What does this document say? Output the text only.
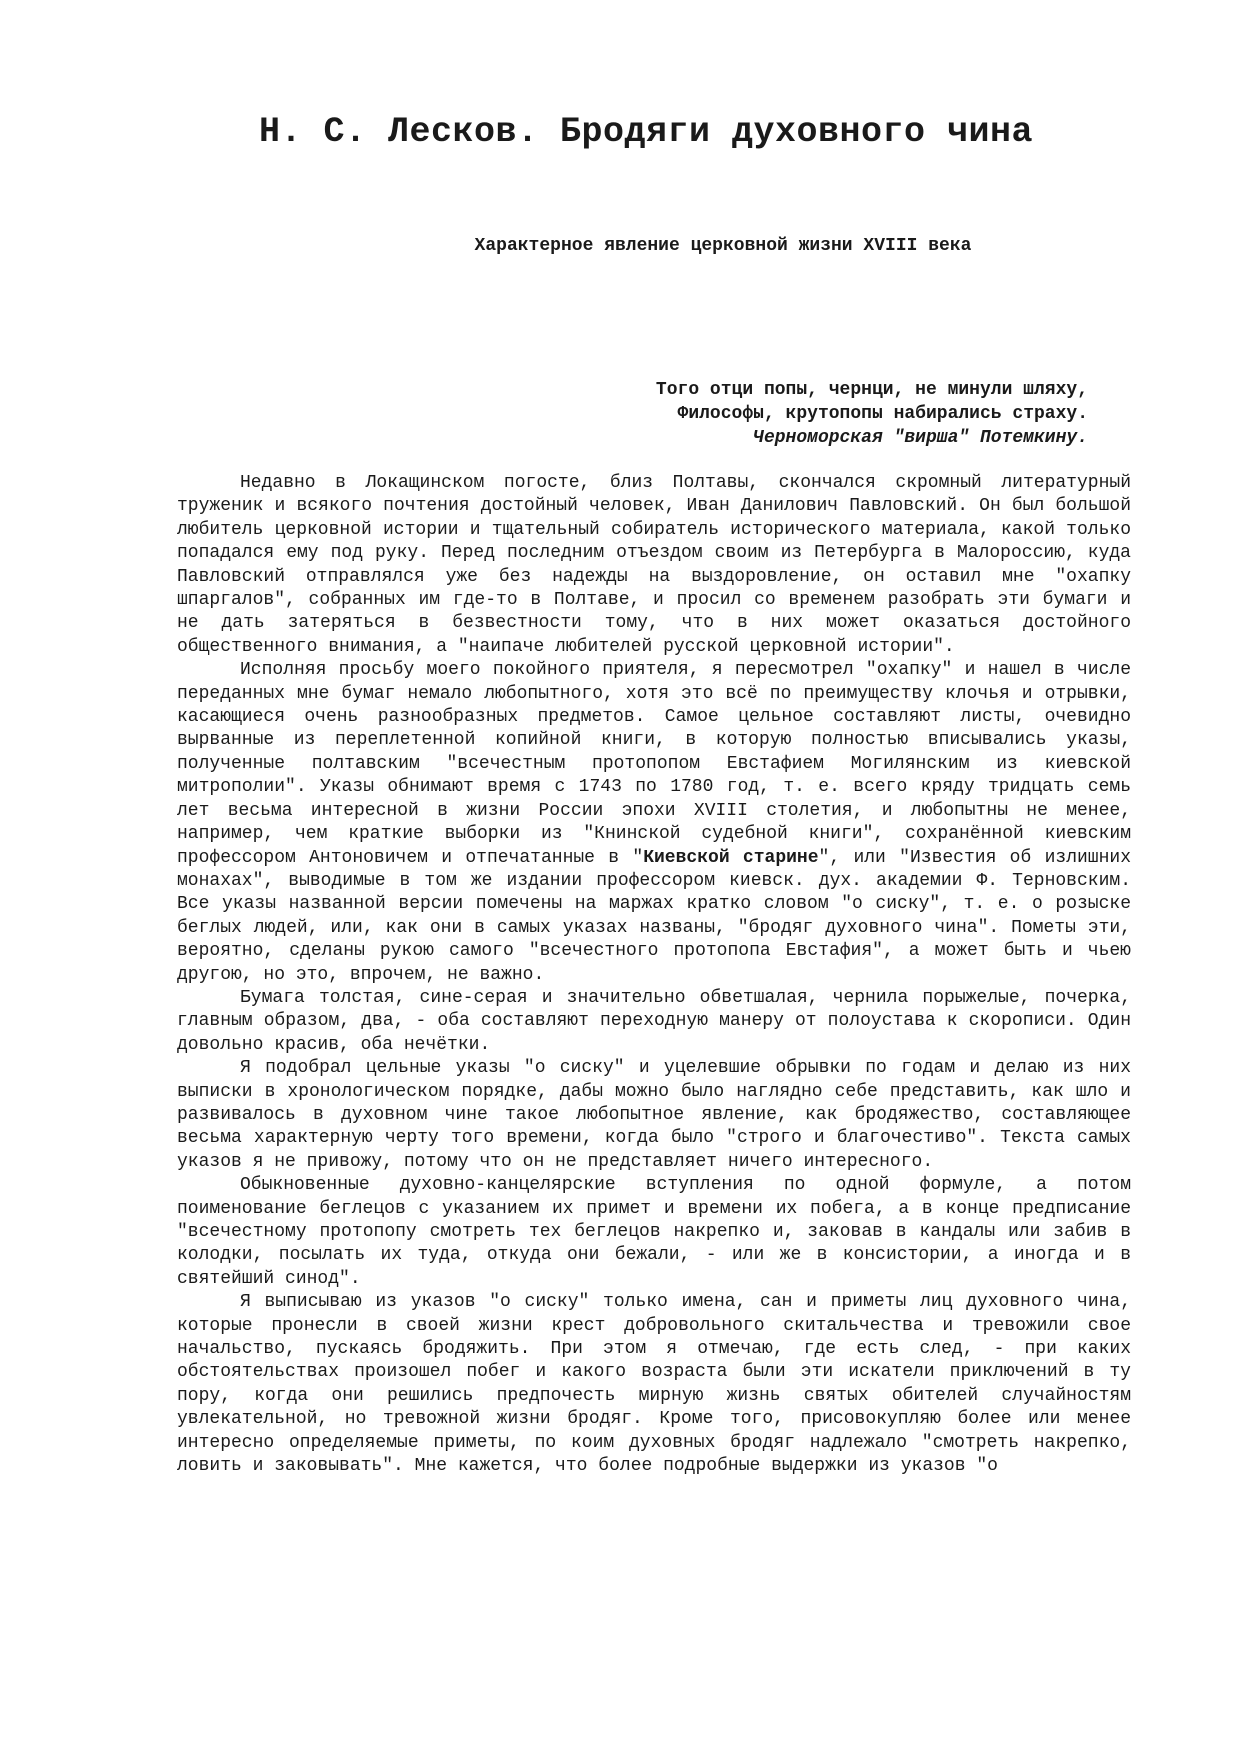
Н. С. Лесков. Бродяги духовного чина
Характерное явление церковной жизни XVIII века
Того отци попы, чернци, не минули шляху,
Философы, крутопопы набирались страху.
Черноморская "вирша" Потемкину.

Недавно в Локащинском погосте, близ Полтавы, скончался скромный литературный труженик и всякого почтения достойный человек, Иван Данилович Павловский. Он был большой любитель церковной истории и тщательный собиратель исторического материала, какой только попадался ему под руку. Перед последним отъездом своим из Петербурга в Малороссию, куда Павловский отправлялся уже без надежды на выздоровление, он оставил мне "охапку шпаргалов", собранных им где-то в Полтаве, и просил со временем разобрать эти бумаги и не дать затеряться в безвестности тому, что в них может оказаться достойного общественного внимания, а "наипаче любителей русской церковной истории".

Исполняя просьбу моего покойного приятеля, я пересмотрел "охапку" и нашел в числе переданных мне бумаг немало любопытного, хотя это всё по преимуществу клочья и отрывки, касающиеся очень разнообразных предметов. Самое цельное составляют листы, очевидно вырванные из переплетенной копийной книги, в которую полностью вписывались указы, полученные полтавским "всечестным протопопом Евстафием Могилянским из киевской митрополии". Указы обнимают время с 1743 по 1780 год, т. е. всего кряду тридцать семь лет весьма интересной в жизни России эпохи XVIII столетия, и любопытны не менее, например, чем краткие выборки из "Книнской судебной книги", сохранённой киевским профессором Антоновичем и отпечатанные в "Киевской старине", или "Известия об излишних монахах", выводимые в том же издании профессором киевск. дух. академии Ф. Терновским. Все указы названной версии помечены на маржах кратко словом "о сиску", т. е. о розыске беглых людей, или, как они в самых указах названы, "бродяг духовного чина". Пометы эти, вероятно, сделаны рукою самого "всечестного протопопа Евстафия", а может быть и чьею другою, но это, впрочем, не важно.

Бумага толстая, сине-серая и значительно обветшалая, чернила порыжелые, почерка, главным образом, два, - оба составляют переходную манеру от полоустава к скорописи. Один довольно красив, оба нечётки.

Я подобрал цельные указы "о сиску" и уцелевшие обрывки по годам и делаю из них выписки в хронологическом порядке, дабы можно было наглядно себе представить, как шло и развивалось в духовном чине такое любопытное явление, как бродяжество, составляющее весьма характерную черту того времени, когда было "строго и благочестиво". Текста самых указов я не привожу, потому что он не представляет ничего интересного.

Обыкновенные духовно-канцелярские вступления по одной формуле, а потом поименование беглецов с указанием их примет и времени их побега, а в конце предписание "всечестному протопопу смотреть тех беглецов накрепко и, заковав в кандалы или забив в колодки, посылать их туда, откуда они бежали, - или же в консистории, а иногда и в святейший синод".

Я выписываю из указов "о сиску" только имена, сан и приметы лиц духовного чина, которые пронесли в своей жизни крест добровольного скитальчества и тревожили свое начальство, пускаясь бродяжить. При этом я отмечаю, где есть след, - при каких обстоятельствах произошел побег и какого возраста были эти искатели приключений в ту пору, когда они решились предпочесть мирную жизнь святых обителей случайностям увлекательной, но тревожной жизни бродяг. Кроме того, присовокупляю более или менее интересно определяемые приметы, по коим духовных бродяг надлежало "смотреть накрепко, ловить и заковывать". Мне кажется, что более подробные выдержки из указов "о
